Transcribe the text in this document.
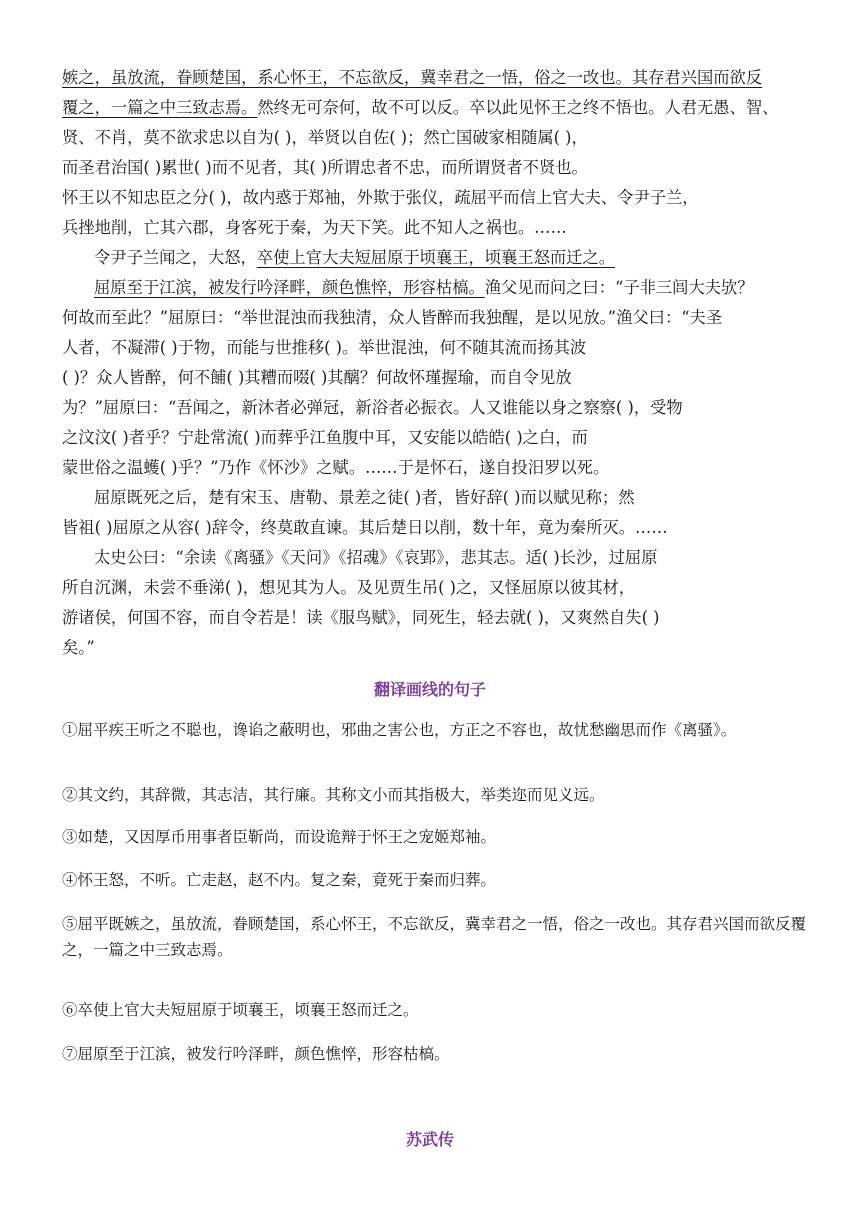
嫉之，虽放流，眷顾楚国，系心怀王，不忘欲反，冀幸君之一悟，俗之一改也。其存君兴国而欲反
覆之，一篇之中三致志焉。然终无可奈何，故不可以反。卒以此见怀王之终不悟也。人君无愚、智、
贤、不肖，莫不欲求忠以自为( )，举贤以自佐( )；然亡国破家相随属( )，
而圣君治国( )累世( )而不见者，其( )所谓忠者不忠，而所谓贤者不贤也。
怀王以不知忠臣之分( )，故内惑于郑袖，外欺于张仪，疏屈平而信上官大夫、令尹子兰，
兵挫地削，亡其六郡，身客死于秦，为天下笑。此不知人之祸也。……
令尹子兰闻之，大怒，卒使上官大夫短屈原于顷襄王，顷襄王怒而迁之。
屈原至于江滨，被发行吟泽畔，颜色憔悴，形容枯槁。渔父见而问之曰：“子非三闾大夫欤？
何故而至此？”屈原曰：“举世混浊而我独清，众人皆醉而我独醒，是以见放。”渔父曰：“夫圣
人者，不凝滞( )于物，而能与世推移( )。举世混浊，何不随其流而扬其波
( )？众人皆醉，何不餔( )其糟而啜( )其醨？何故怀瑾握瑜，而自令见放
为？”屈原曰：“吾闻之，新沐者必弹冠，新浴者必振衣。人又谁能以身之察察( )，受物
之汶汶( )者乎？宁赴常流( )而葬乎江鱼腹中耳，又安能以皓皓( )之白，而
蒙世俗之温蠖( )乎？”乃作《怀沙》之赋。……于是怀石，遂自投汨罗以死。
屈原既死之后，楚有宋玉、唐勒、景差之徒( )者，皆好辞( )而以赋见称；然
皆祖( )屈原之从容( )辞令，终莫敢直谏。其后楚日以削，数十年，竟为秦所灭。……
太史公曰：“余读《离骚》《天问》《招魂》《哀郢》，悲其志。适( )长沙，过屈原
所自沉渊，未尝不垂涕( )，想见其为人。及见贾生吊( )之，又怪屈原以彼其材，
游诸侯，何国不容，而自令若是！读《服鸟赋》，同死生，轻去就( )，又爽然自失( )
矣。”
翻译画线的句子
①屈平疾王听之不聪也，谗谄之蔽明也，邪曲之害公也，方正之不容也，故忧愁幽思而作《离骚》。
②其文约，其辞微，其志洁，其行廉。其称文小而其指极大，举类迩而见义远。
③如楚，又因厚币用事者臣靳尚，而设诡辩于怀王之宠姬郑袖。
④怀王怒，不听。亡走赵，赵不内。复之秦，竟死于秦而归葬。
⑤屈平既嫉之，虽放流，眷顾楚国，系心怀王，不忘欲反，冀幸君之一悟，俗之一改也。其存君兴国而欲反覆之，一篇之中三致志焉。
⑥卒使上官大夫短屈原于顷襄王，顷襄王怒而迁之。
⑦屈原至于江滨，被发行吟泽畔，颜色憔悴，形容枯槁。
苏武传
